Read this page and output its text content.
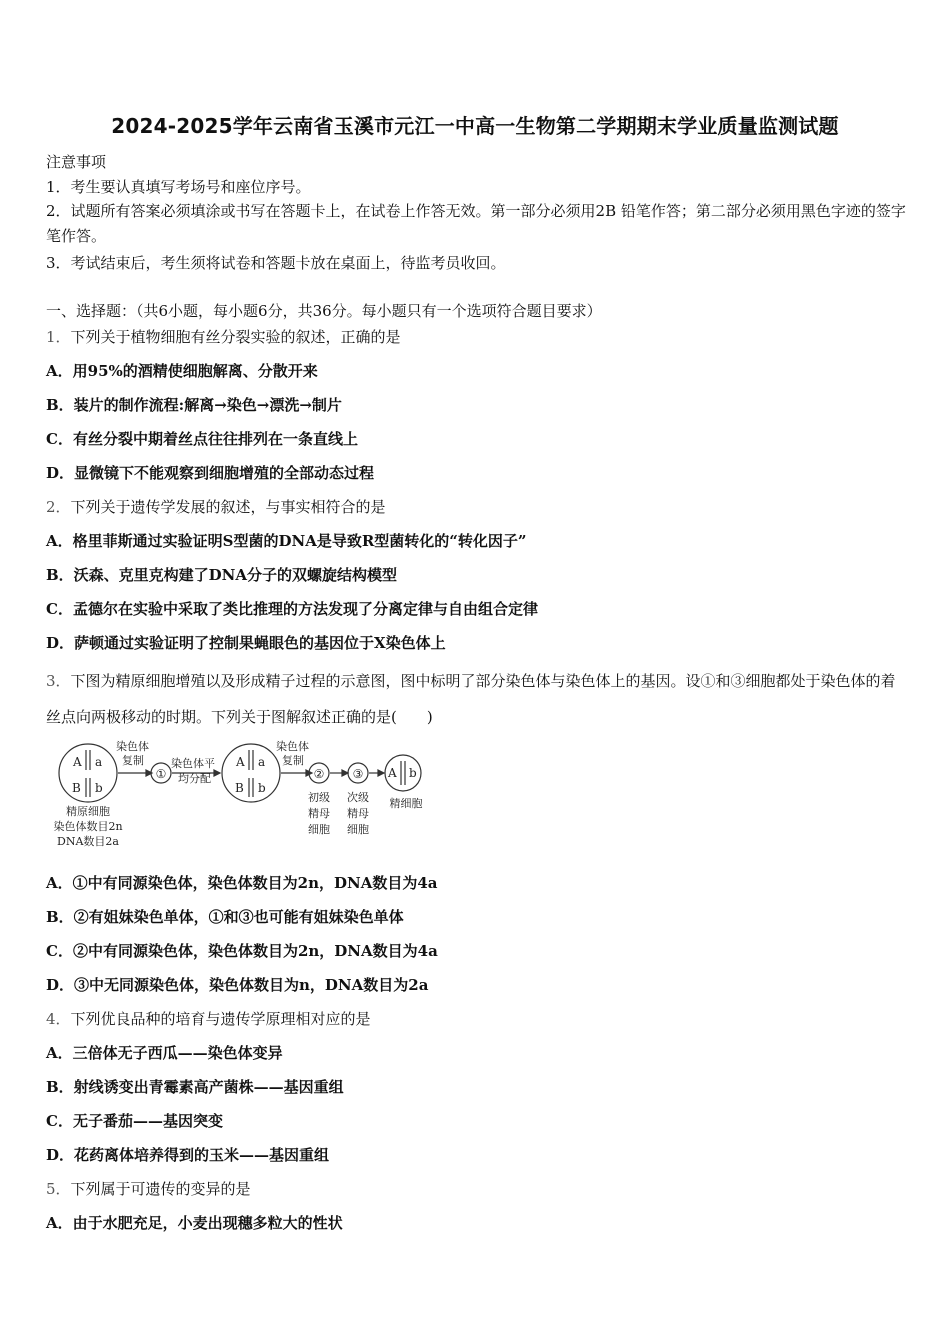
2024-2025学年云南省玉溪市元江一中高一生物第二学期期末学业质量监测试题
注意事项
1．考生要认真填写考场号和座位序号。
2．试题所有答案必须填涂或书写在答题卡上，在试卷上作答无效。第一部分必须用2B 铅笔作答；第二部分必须用黑色字迹的签字笔作答。
3．考试结束后，考生须将试卷和答题卡放在桌面上，待监考员收回。
一、选择题：（共6小题，每小题6分，共36分。每小题只有一个选项符合题目要求）
1．下列关于植物细胞有丝分裂实验的叙述，正确的是
A．用95%的酒精使细胞解离、分散开来
B．装片的制作流程:解离→染色→漂洗→制片
C．有丝分裂中期着丝点往往排列在一条直线上
D．显微镜下不能观察到细胞增殖的全部动态过程
2．下列关于遗传学发展的叙述，与事实相符合的是
A．格里菲斯通过实验证明S型菌的DNA是导致R型菌转化的“转化因子”
B．沃森、克里克构建了DNA分子的双螺旋结构模型
C．孟德尔在实验中采取了类比推理的方法发现了分离定律与自由组合定律
D．萨顿通过实验证明了控制果蝇眼色的基因位于X染色体上
3．下图为精原细胞增殖以及形成精子过程的示意图，图中标明了部分染色体与染色体上的基因。设①和③细胞都处于染色体的着丝点向两极移动的时期。下列关于图解叙述正确的是(　　)
A a
B b
A a
B b
A b
染色体
复制 染色体平
均分配
染色体
复制
①	② ③
精原细胞
染色体数目2n
DNA数目2a
初级
精母
细胞
次级
精母
细胞
精细胞
A．①中有同源染色体，染色体数目为2n，DNA数目为4a
B．②有姐妹染色单体，①和③也可能有姐妹染色单体
C．②中有同源染色体，染色体数目为2n，DNA数目为4a
D．③中无同源染色体，染色体数目为n，DNA数目为2a
4．下列优良品种的培育与遗传学原理相对应的是
A．三倍体无子西瓜——染色体变异
B．射线诱变出青霉素高产菌株——基因重组
C．无子番茄——基因突变
D．花药离体培养得到的玉米——基因重组
5．下列属于可遗传的变异的是
A．由于水肥充足，小麦出现穗多粒大的性状
